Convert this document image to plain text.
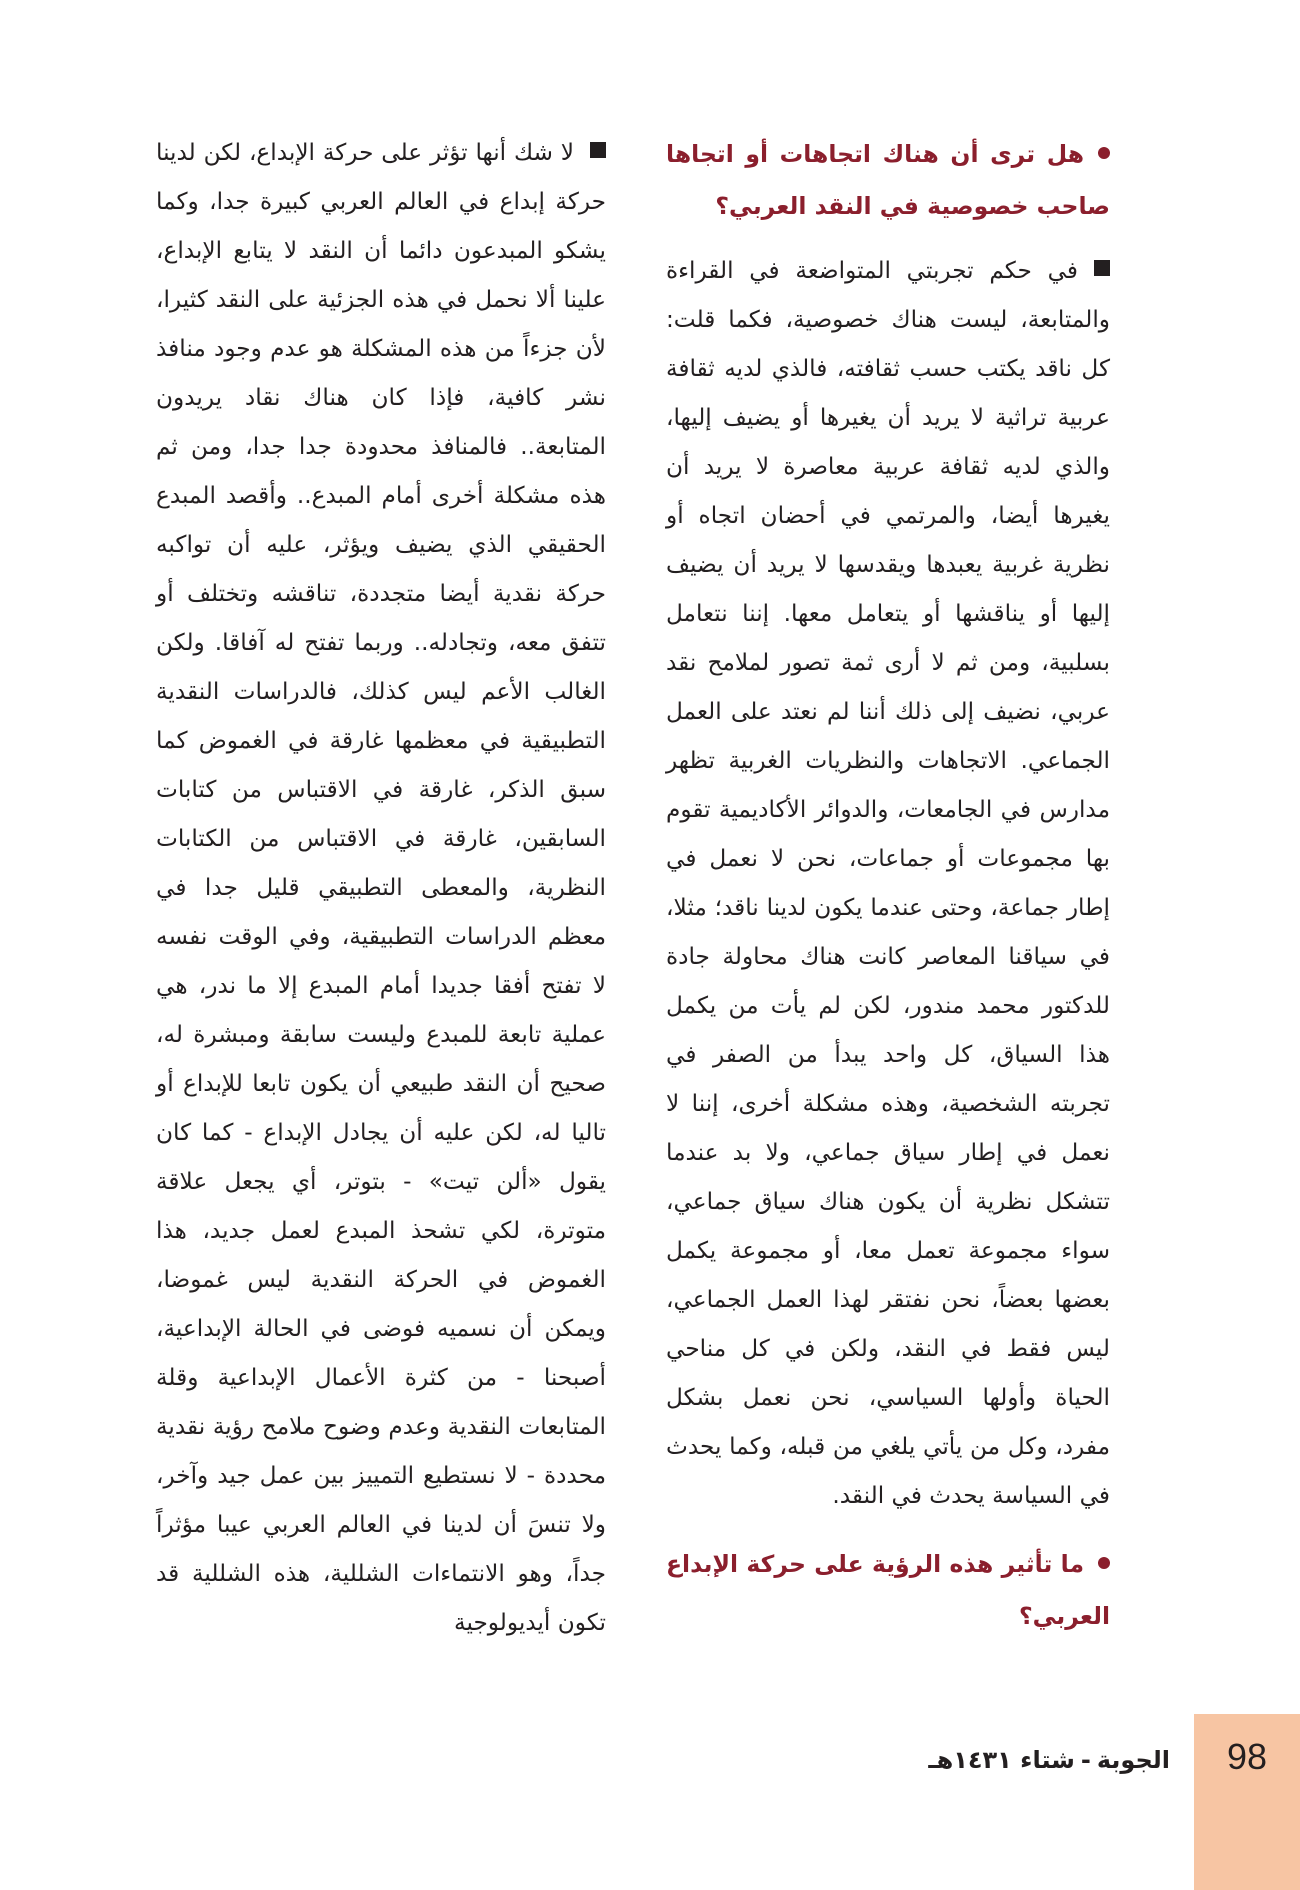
هل ترى أن هناك اتجاهات أو اتجاها صاحب خصوصية في النقد العربي؟

في حكم تجربتي المتواضعة في القراءة والمتابعة، ليست هناك خصوصية، فكما قلت: كل ناقد يكتب حسب ثقافته، فالذي لديه ثقافة عربية تراثية لا يريد أن يغيرها أو يضيف إليها، والذي لديه ثقافة عربية معاصرة لا يريد أن يغيرها أيضا، والمرتمي في أحضان اتجاه أو نظرية غربية يعبدها ويقدسها لا يريد أن يضيف إليها أو يناقشها أو يتعامل معها. إننا نتعامل بسلبية، ومن ثم لا أرى ثمة تصور لملامح نقد عربي، نضيف إلى ذلك أننا لم نعتد على العمل الجماعي. الاتجاهات والنظريات الغربية تظهر مدارس في الجامعات، والدوائر الأكاديمية تقوم بها مجموعات أو جماعات، نحن لا نعمل في إطار جماعة، وحتى عندما يكون لدينا ناقد؛ مثلا، في سياقنا المعاصر كانت هناك محاولة جادة للدكتور محمد مندور، لكن لم يأت من يكمل هذا السياق، كل واحد يبدأ من الصفر في تجربته الشخصية، وهذه مشكلة أخرى، إننا لا نعمل في إطار سياق جماعي، ولا بد عندما تتشكل نظرية أن يكون هناك سياق جماعي، سواء مجموعة تعمل معا، أو مجموعة يكمل بعضها بعضاً، نحن نفتقر لهذا العمل الجماعي، ليس فقط في النقد، ولكن في كل مناحي الحياة وأولها السياسي، نحن نعمل بشكل مفرد، وكل من يأتي يلغي من قبله، وكما يحدث في السياسة يحدث في النقد.

ما تأثير هذه الرؤية على حركة الإبداع العربي؟

لا شك أنها تؤثر على حركة الإبداع، لكن لدينا حركة إبداع في العالم العربي كبيرة جدا، وكما يشكو المبدعون دائما أن النقد لا يتابع الإبداع، علينا ألا نحمل في هذه الجزئية على النقد كثيرا، لأن جزءاً من هذه المشكلة هو عدم وجود منافذ نشر كافية، فإذا كان هناك نقاد يريدون المتابعة.. فالمنافذ محدودة جدا جدا، ومن ثم هذه مشكلة أخرى أمام المبدع.. وأقصد المبدع الحقيقي الذي يضيف ويؤثر، عليه أن تواكبه حركة نقدية أيضا متجددة، تناقشه وتختلف أو تتفق معه، وتجادله.. وربما تفتح له آفاقا. ولكن الغالب الأعم ليس كذلك، فالدراسات النقدية التطبيقية في معظمها غارقة في الغموض كما سبق الذكر، غارقة في الاقتباس من كتابات السابقين، غارقة في الاقتباس من الكتابات النظرية، والمعطى التطبيقي قليل جدا في معظم الدراسات التطبيقية، وفي الوقت نفسه لا تفتح أفقا جديدا أمام المبدع إلا ما ندر، هي عملية تابعة للمبدع وليست سابقة ومبشرة له، صحيح أن النقد طبيعي أن يكون تابعا للإبداع أو تاليا له، لكن عليه أن يجادل الإبداع - كما كان يقول «ألن تيت» - بتوتر، أي يجعل علاقة متوترة، لكي تشحذ المبدع لعمل جديد، هذا الغموض في الحركة النقدية ليس غموضا، ويمكن أن نسميه فوضى في الحالة الإبداعية، أصبحنا - من كثرة الأعمال الإبداعية وقلة المتابعات النقدية وعدم وضوح ملامح رؤية نقدية محددة - لا نستطيع التمييز بين عمل جيد وآخر، ولا تنسَ أن لدينا في العالم العربي عيبا مؤثراً جداً، وهو الانتماءات الشللية، هذه الشللية قد تكون أيديولوجية

الجوبة-شتاء ١٤٣١هـ	98
